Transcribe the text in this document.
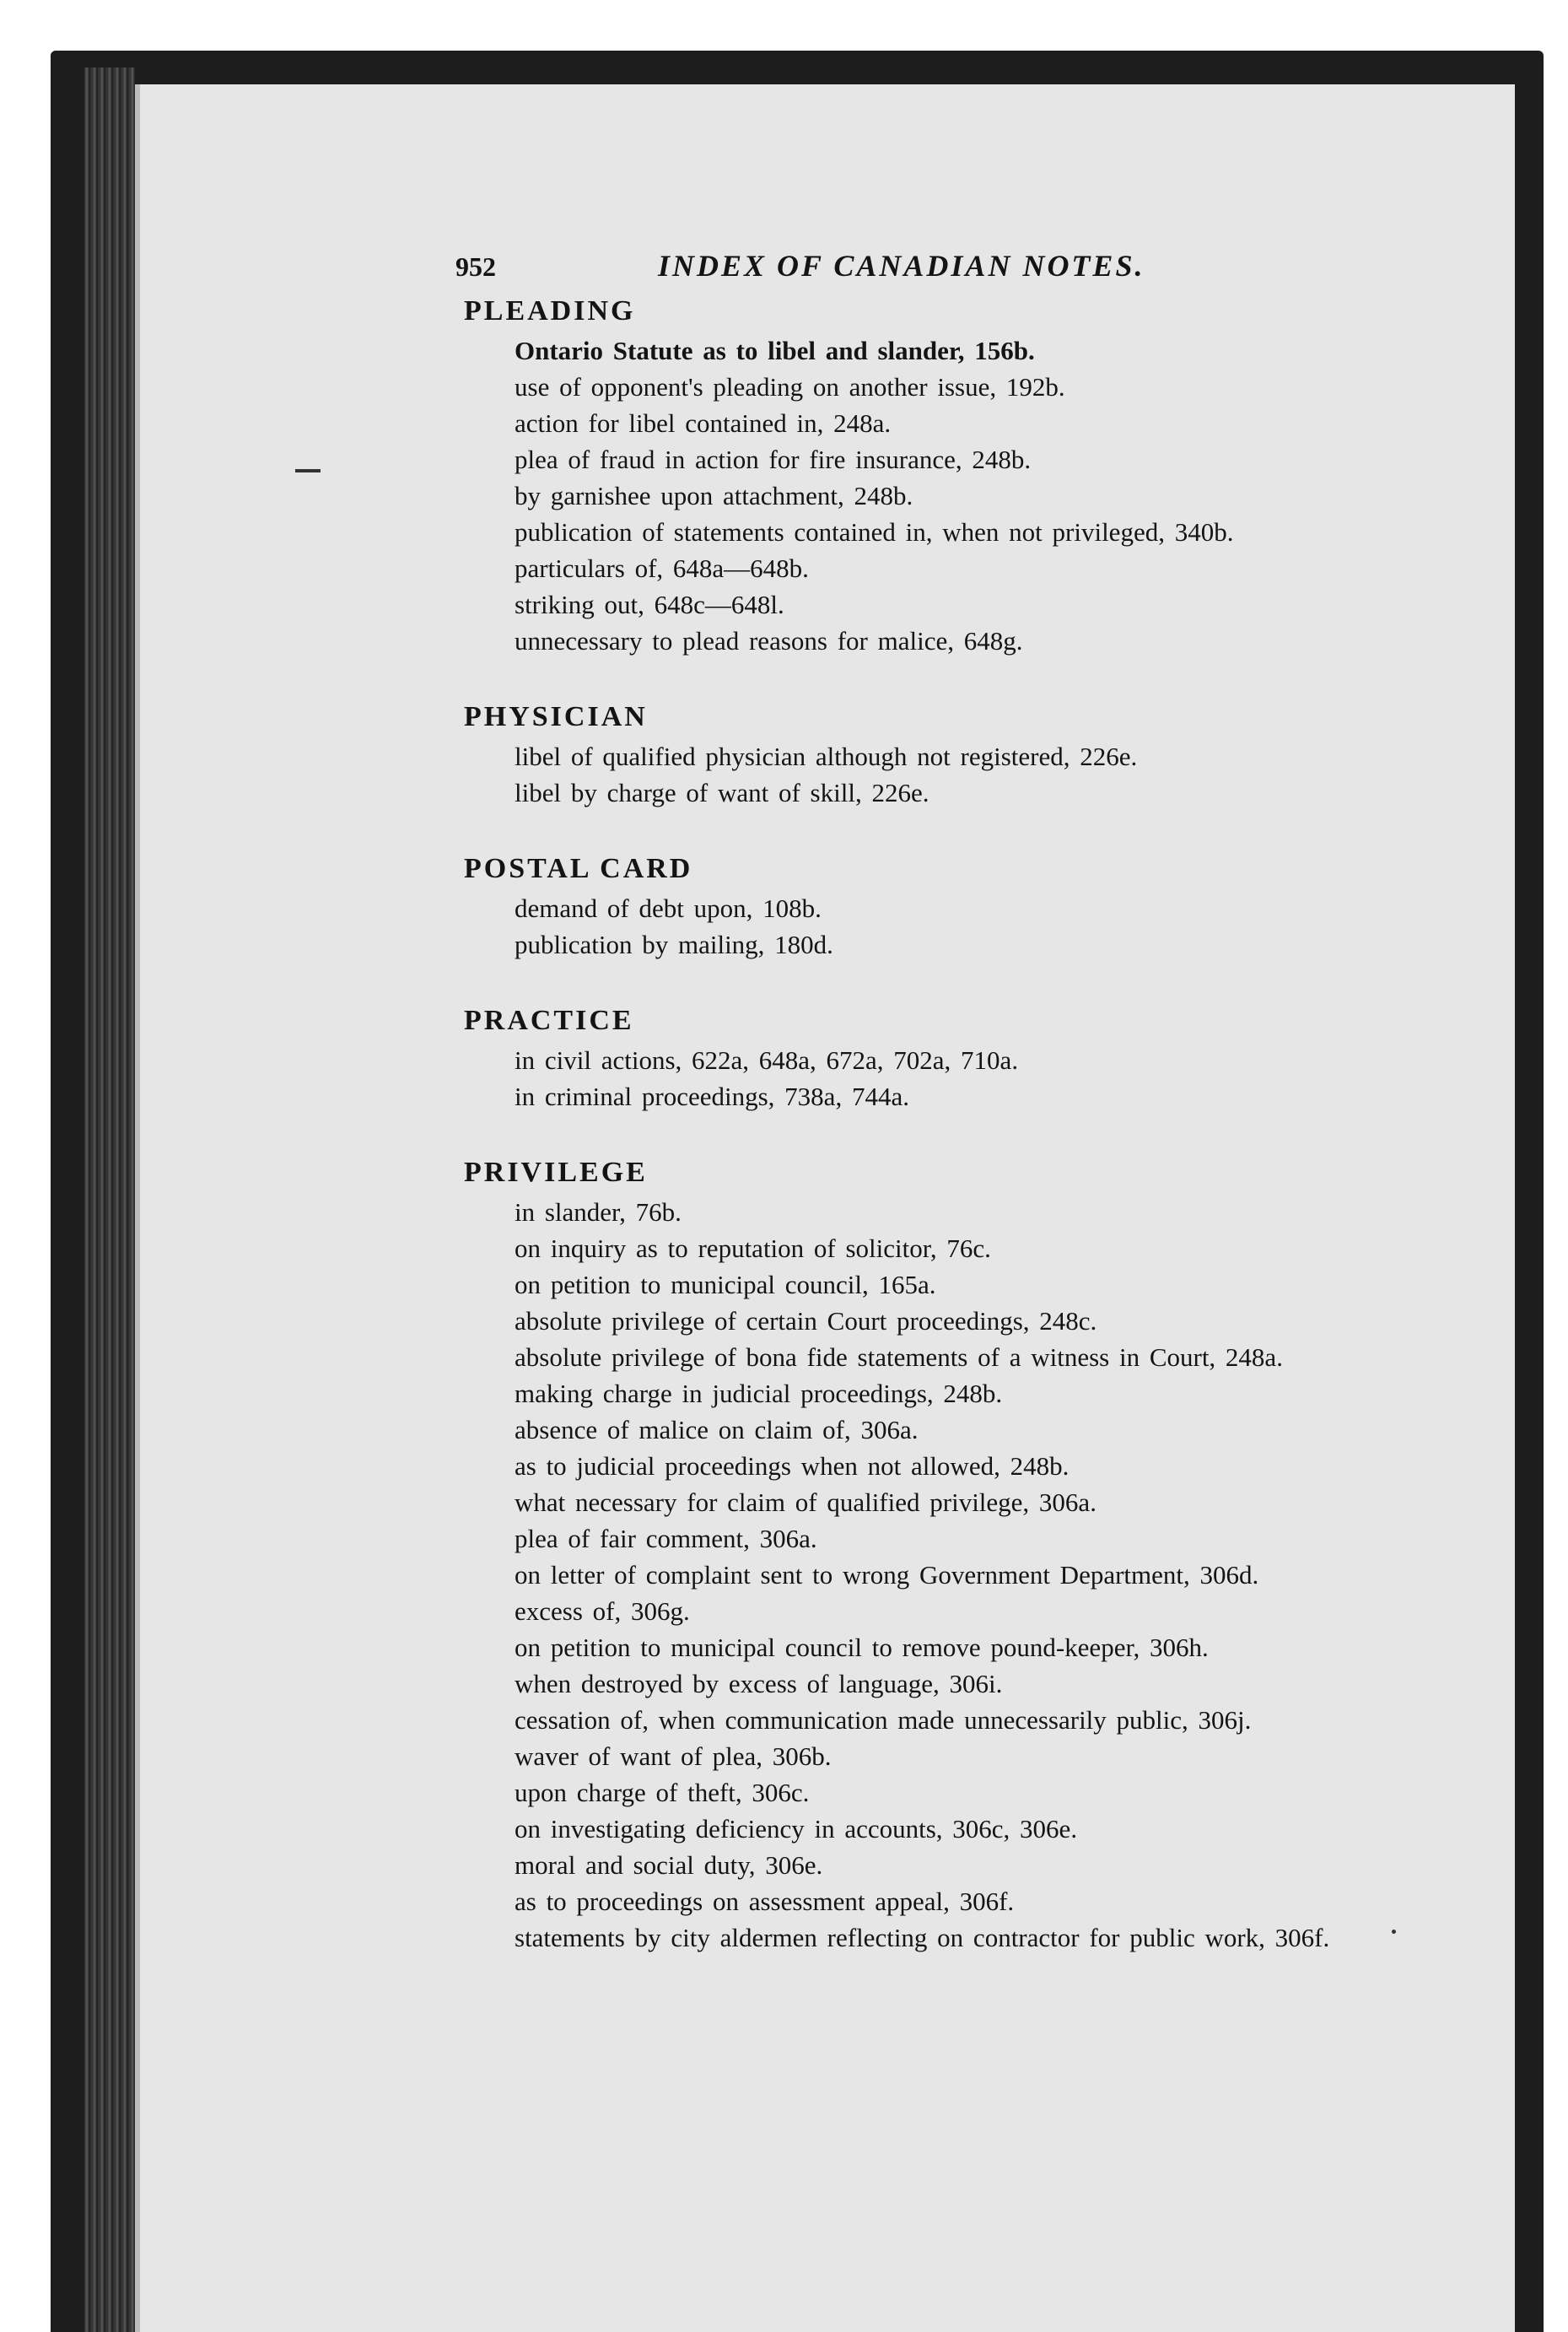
952	INDEX OF CANADIAN NOTES.
PLEADING
Ontario Statute as to libel and slander, 156b.
use of opponent's pleading on another issue, 192b.
action for libel contained in, 248a.
plea of fraud in action for fire insurance, 248b.
by garnishee upon attachment, 248b.
publication of statements contained in, when not privileged, 340b.
particulars of, 648a—648b.
striking out, 648c—648l.
unnecessary to plead reasons for malice, 648g.
PHYSICIAN
libel of qualified physician although not registered, 226e.
libel by charge of want of skill, 226e.
POSTAL CARD
demand of debt upon, 108b.
publication by mailing, 180d.
PRACTICE
in civil actions, 622a, 648a, 672a, 702a, 710a.
in criminal proceedings, 738a, 744a.
PRIVILEGE
in slander, 76b.
on inquiry as to reputation of solicitor, 76c.
on petition to municipal council, 165a.
absolute privilege of certain Court proceedings, 248c.
absolute privilege of bona fide statements of a witness in Court, 248a.
making charge in judicial proceedings, 248b.
absence of malice on claim of, 306a.
as to judicial proceedings when not allowed, 248b.
what necessary for claim of qualified privilege, 306a.
plea of fair comment, 306a.
on letter of complaint sent to wrong Government Department, 306d.
excess of, 306g.
on petition to municipal council to remove pound-keeper, 306h.
when destroyed by excess of language, 306i.
cessation of, when communication made unnecessarily public, 306j.
waver of want of plea, 306b.
upon charge of theft, 306c.
on investigating deficiency in accounts, 306c, 306e.
moral and social duty, 306e.
as to proceedings on assessment appeal, 306f.
statements by city aldermen reflecting on contractor for public work, 306f.
